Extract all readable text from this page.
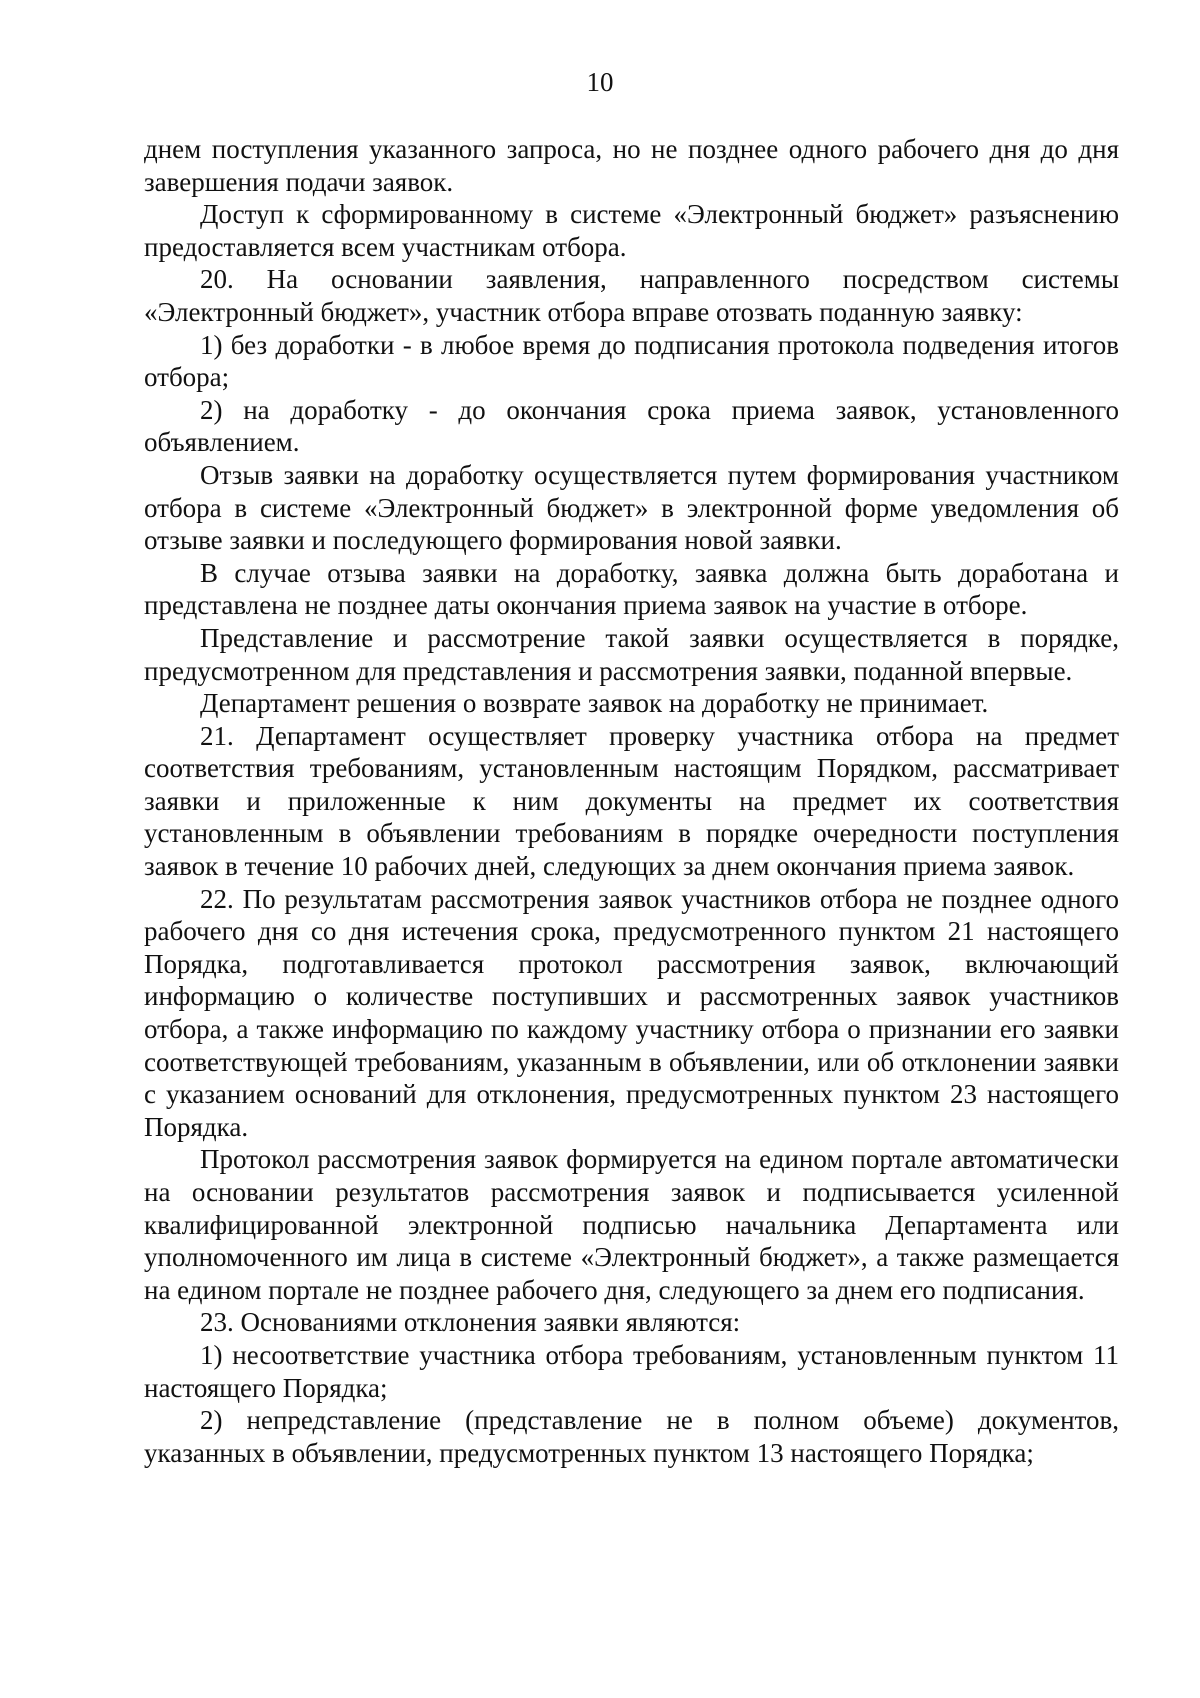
10

днем поступления указанного запроса, но не позднее одного рабочего дня до дня завершения подачи заявок.

Доступ к сформированному в системе «Электронный бюджет» разъяснению предоставляется всем участникам отбора.

20. На основании заявления, направленного посредством системы «Электронный бюджет», участник отбора вправе отозвать поданную заявку:

1) без доработки - в любое время до подписания протокола подведения итогов отбора;

2) на доработку - до окончания срока приема заявок, установленного объявлением.

Отзыв заявки на доработку осуществляется путем формирования участником отбора в системе «Электронный бюджет» в электронной форме уведомления об отзыве заявки и последующего формирования новой заявки.

В случае отзыва заявки на доработку, заявка должна быть доработана и представлена не позднее даты окончания приема заявок на участие в отборе.

Представление и рассмотрение такой заявки осуществляется в порядке, предусмотренном для представления и рассмотрения заявки, поданной впервые.

Департамент решения о возврате заявок на доработку не принимает.

21. Департамент осуществляет проверку участника отбора на предмет соответствия требованиям, установленным настоящим Порядком, рассматривает заявки и приложенные к ним документы на предмет их соответствия установленным в объявлении требованиям в порядке очередности поступления заявок в течение 10 рабочих дней, следующих за днем окончания приема заявок.

22. По результатам рассмотрения заявок участников отбора не позднее одного рабочего дня со дня истечения срока, предусмотренного пунктом 21 настоящего Порядка, подготавливается протокол рассмотрения заявок, включающий информацию о количестве поступивших и рассмотренных заявок участников отбора, а также информацию по каждому участнику отбора о признании его заявки соответствующей требованиям, указанным в объявлении, или об отклонении заявки с указанием оснований для отклонения, предусмотренных пунктом 23 настоящего Порядка.

Протокол рассмотрения заявок формируется на едином портале автоматически на основании результатов рассмотрения заявок и подписывается усиленной квалифицированной электронной подписью начальника Департамента или уполномоченного им лица в системе «Электронный бюджет», а также размещается на едином портале не позднее рабочего дня, следующего за днем его подписания.

23. Основаниями отклонения заявки являются:

1) несоответствие участника отбора требованиям, установленным пунктом 11 настоящего Порядка;

2) непредставление (представление не в полном объеме) документов, указанных в объявлении, предусмотренных пунктом 13 настоящего Порядка;
